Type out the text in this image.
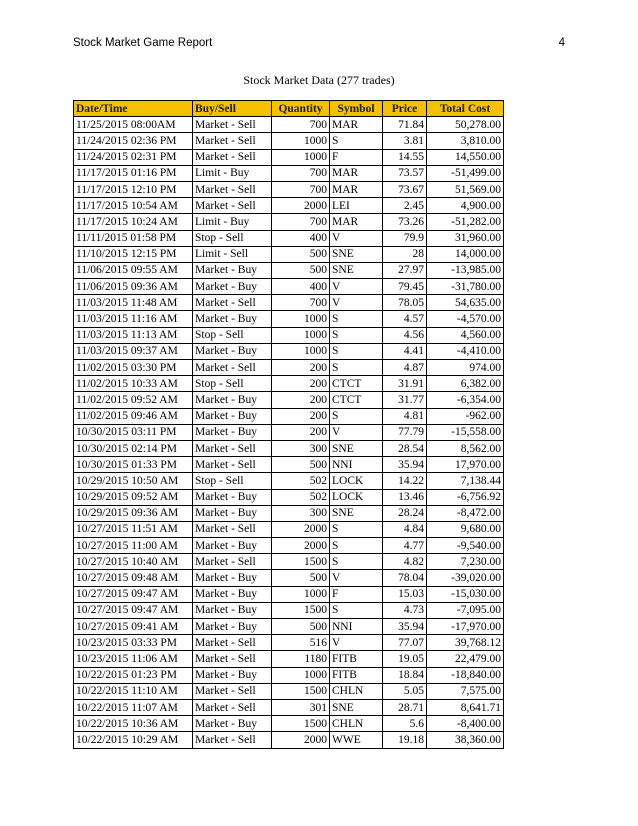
Stock Market Game Report	4
Stock Market Data (277 trades)
Date/Time	Buy/Sell	Quantity	Symbol	Price	Total Cost
11/25/2015 08:00AM	Market - Sell	700	MAR	71.84	50,278.00
11/24/2015 02:36 PM	Market - Sell	1000	S	3.81	3,810.00
11/24/2015 02:31 PM	Market - Sell	1000	F	14.55	14,550.00
11/17/2015 01:16 PM	Limit - Buy	700	MAR	73.57	-51,499.00
11/17/2015 12:10 PM	Market - Sell	700	MAR	73.67	51,569.00
11/17/2015 10:54 AM	Market - Sell	2000	LEI	2.45	4,900.00
11/17/2015 10:24 AM	Limit - Buy	700	MAR	73.26	-51,282.00
11/11/2015 01:58 PM	Stop - Sell	400	V	79.9	31,960.00
11/10/2015 12:15 PM	Limit - Sell	500	SNE	28	14,000.00
11/06/2015 09:55 AM	Market - Buy	500	SNE	27.97	-13,985.00
11/06/2015 09:36 AM	Market - Buy	400	V	79.45	-31,780.00
11/03/2015 11:48 AM	Market - Sell	700	V	78.05	54,635.00
11/03/2015 11:16 AM	Market - Buy	1000	S	4.57	-4,570.00
11/03/2015 11:13 AM	Stop - Sell	1000	S	4.56	4,560.00
11/03/2015 09:37 AM	Market - Buy	1000	S	4.41	-4,410.00
11/02/2015 03:30 PM	Market - Sell	200	S	4.87	974.00
11/02/2015 10:33 AM	Stop - Sell	200	CTCT	31.91	6,382.00
11/02/2015 09:52 AM	Market - Buy	200	CTCT	31.77	-6,354.00
11/02/2015 09:46 AM	Market - Buy	200	S	4.81	-962.00
10/30/2015 03:11 PM	Market - Buy	200	V	77.79	-15,558.00
10/30/2015 02:14 PM	Market - Sell	300	SNE	28.54	8,562.00
10/30/2015 01:33 PM	Market - Sell	500	NNI	35.94	17,970.00
10/29/2015 10:50 AM	Stop - Sell	502	LOCK	14.22	7,138.44
10/29/2015 09:52 AM	Market - Buy	502	LOCK	13.46	-6,756.92
10/29/2015 09:36 AM	Market - Buy	300	SNE	28.24	-8,472.00
10/27/2015 11:51 AM	Market - Sell	2000	S	4.84	9,680.00
10/27/2015 11:00 AM	Market - Buy	2000	S	4.77	-9,540.00
10/27/2015 10:40 AM	Market - Sell	1500	S	4.82	7,230.00
10/27/2015 09:48 AM	Market - Buy	500	V	78.04	-39,020.00
10/27/2015 09:47 AM	Market - Buy	1000	F	15.03	-15,030.00
10/27/2015 09:47 AM	Market - Buy	1500	S	4.73	-7,095.00
10/27/2015 09:41 AM	Market - Buy	500	NNI	35.94	-17,970.00
10/23/2015 03:33 PM	Market - Sell	516	V	77.07	39,768.12
10/23/2015 11:06 AM	Market - Sell	1180	FITB	19.05	22,479.00
10/22/2015 01:23 PM	Market - Buy	1000	FITB	18.84	-18,840.00
10/22/2015 11:10 AM	Market - Sell	1500	CHLN	5.05	7,575.00
10/22/2015 11:07 AM	Market - Sell	301	SNE	28.71	8,641.71
10/22/2015 10:36 AM	Market - Buy	1500	CHLN	5.6	-8,400.00
10/22/2015 10:29 AM	Market - Sell	2000	WWE	19.18	38,360.00
